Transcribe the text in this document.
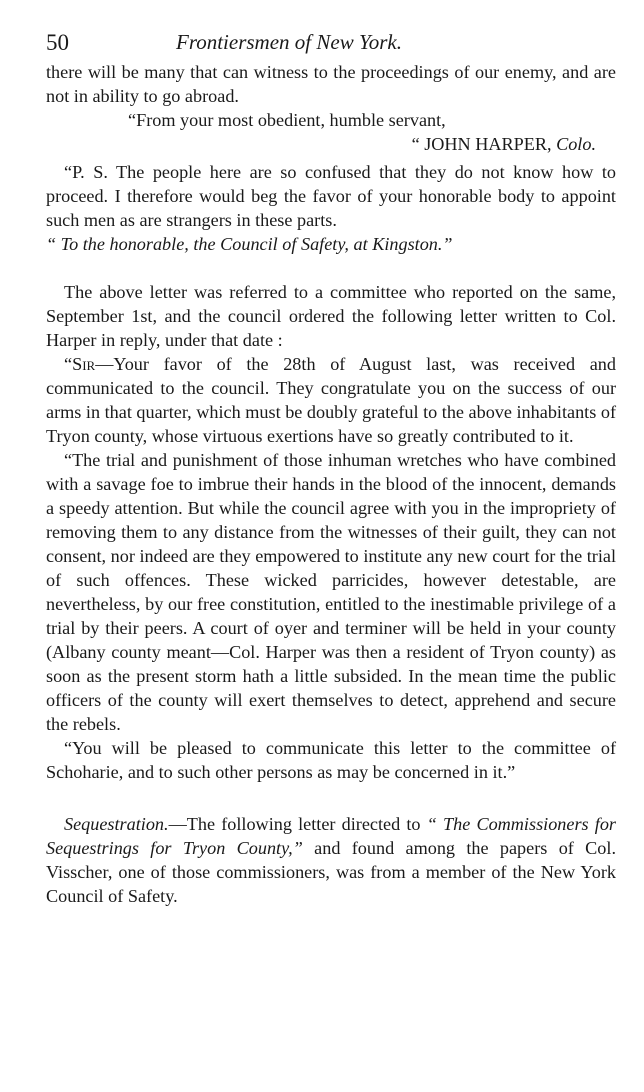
50	Frontiersmen of New York.

there will be many that can witness to the proceedings of our enemy, and are not in ability to go abroad.

“From your most obedient, humble servant,

“ JOHN HARPER, Colo.

“P. S. The people here are so confused that they do not know how to proceed. I therefore would beg the favor of your honorable body to appoint such men as are strangers in these parts.

“ To the honorable, the Council of Safety, at Kingston.”

The above letter was referred to a committee who reported on the same, September 1st, and the council ordered the following letter written to Col. Harper in reply, under that date :

“Sir—Your favor of the 28th of August last, was received and communicated to the council. They congratulate you on the success of our arms in that quarter, which must be doubly grateful to the above inhabitants of Tryon county, whose virtuous exertions have so greatly contributed to it.

“The trial and punishment of those inhuman wretches who have combined with a savage foe to imbrue their hands in the blood of the innocent, demands a speedy attention. But while the council agree with you in the impropriety of removing them to any distance from the witnesses of their guilt, they can not consent, nor indeed are they empowered to institute any new court for the trial of such offences. These wicked parricides, however detestable, are nevertheless, by our free constitution, entitled to the inestimable privilege of a trial by their peers. A court of oyer and terminer will be held in your county (Albany county meant—Col. Harper was then a resident of Tryon county) as soon as the present storm hath a little subsided. In the mean time the public officers of the county will exert themselves to detect, apprehend and secure the rebels.

“You will be pleased to communicate this letter to the committee of Schoharie, and to such other persons as may be concerned in it.”

Sequestration.—The following letter directed to “ The Commissioners for Sequestrings for Tryon County,” and found among the papers of Col. Visscher, one of those commissioners, was from a member of the New York Council of Safety.
